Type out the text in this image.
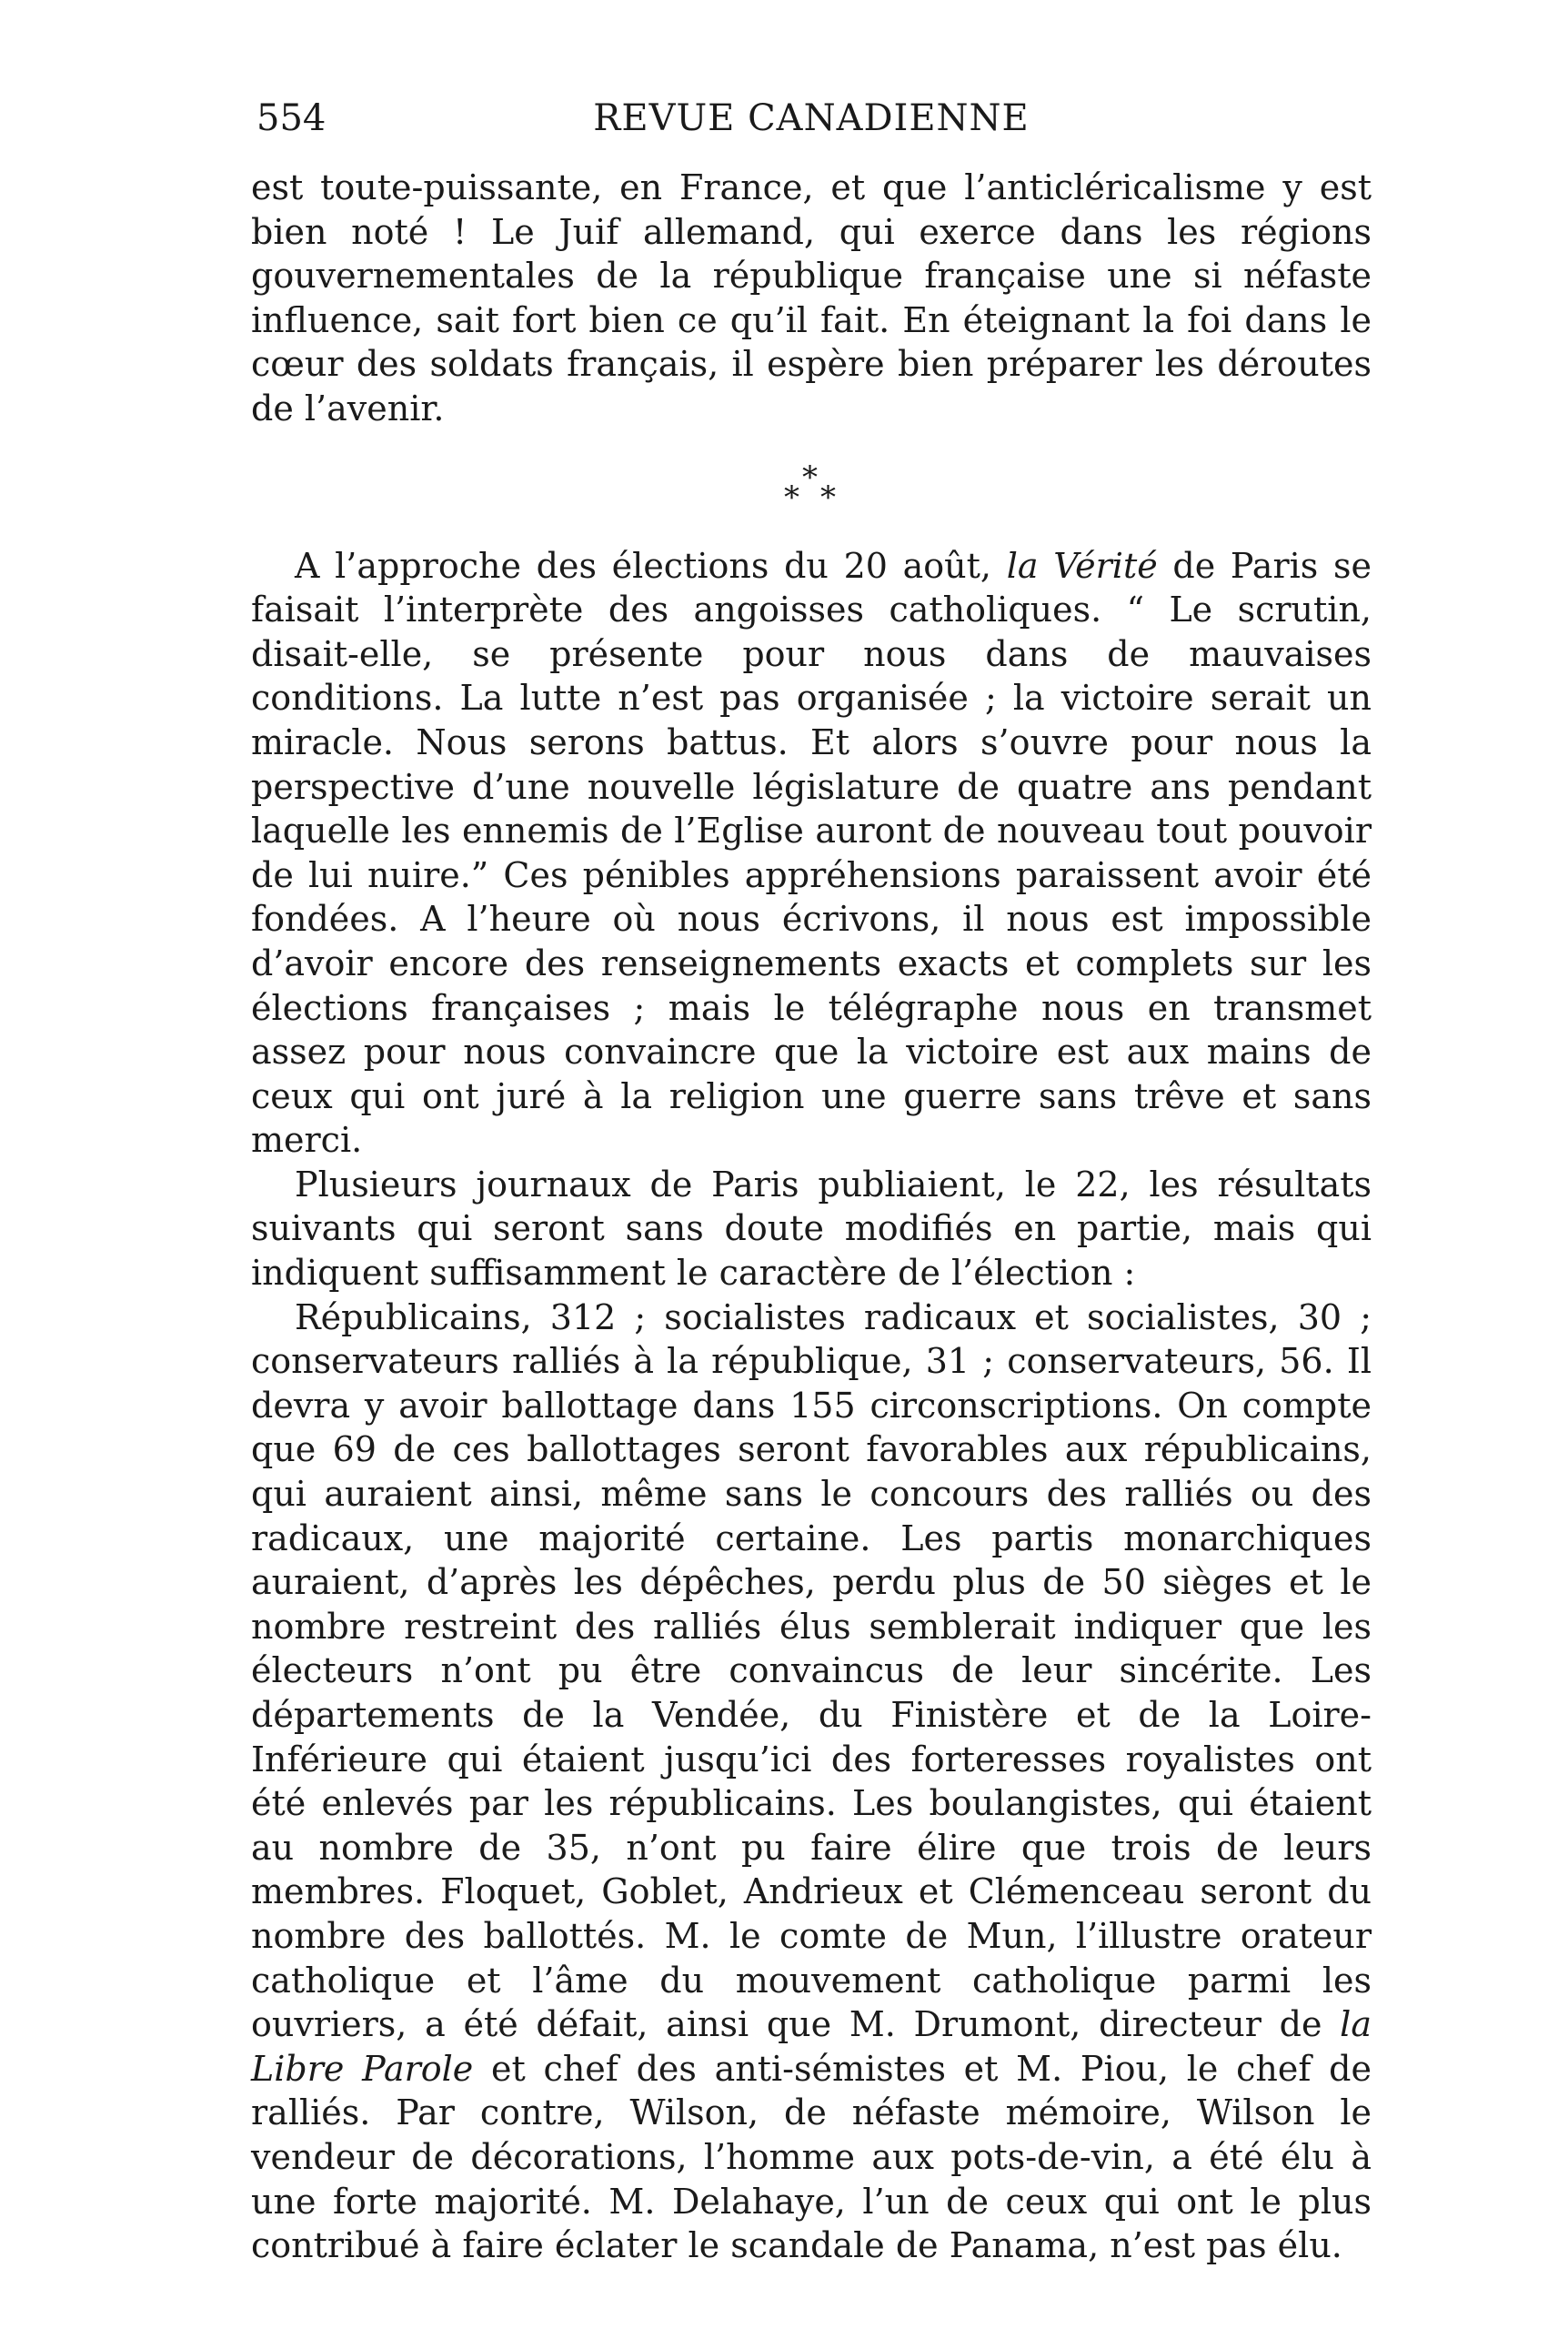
554	REVUE CANADIENNE

est toute-puissante, en France, et que l’anticléricalisme y est bien noté ! Le Juif allemand, qui exerce dans les régions gouvernementales de la république française une si néfaste influence, sait fort bien ce qu’il fait. En éteignant la foi dans le cœur des soldats français, il espère bien préparer les déroutes de l’avenir.

*
* *

A l’approche des élections du 20 août, la Vérité de Paris se faisait l’interprète des angoisses catholiques. “ Le scrutin, disait-elle, se présente pour nous dans de mauvaises conditions. La lutte n’est pas organisée ; la victoire serait un miracle. Nous serons battus. Et alors s’ouvre pour nous la perspective d’une nouvelle législature de quatre ans pendant laquelle les ennemis de l’Eglise auront de nouveau tout pouvoir de lui nuire.” Ces pénibles appréhensions paraissent avoir été fondées. A l’heure où nous écrivons, il nous est impossible d’avoir encore des renseignements exacts et complets sur les élections françaises ; mais le télégraphe nous en transmet assez pour nous convaincre que la victoire est aux mains de ceux qui ont juré à la religion une guerre sans trêve et sans merci.

Plusieurs journaux de Paris publiaient, le 22, les résultats suivants qui seront sans doute modifiés en partie, mais qui indiquent suffisamment le caractère de l’élection :

Républicains, 312 ; socialistes radicaux et socialistes, 30 ; conservateurs ralliés à la république, 31 ; conservateurs, 56. Il devra y avoir ballottage dans 155 circonscriptions. On compte que 69 de ces ballottages seront favorables aux républicains, qui auraient ainsi, même sans le concours des ralliés ou des radicaux, une majorité certaine. Les partis monarchiques auraient, d’après les dépêches, perdu plus de 50 sièges et le nombre restreint des ralliés élus semblerait indiquer que les électeurs n’ont pu être convaincus de leur sincérite. Les départements de la Vendée, du Finistère et de la Loire-Inférieure qui étaient jusqu’ici des forteresses royalistes ont été enlevés par les républicains. Les boulangistes, qui étaient au nombre de 35, n’ont pu faire élire que trois de leurs membres. Floquet, Goblet, Andrieux et Clémenceau seront du nombre des ballottés. M. le comte de Mun, l’illustre orateur catholique et l’âme du mouvement catholique parmi les ouvriers, a été défait, ainsi que M. Drumont, directeur de la Libre Parole et chef des anti-sémistes et M. Piou, le chef de ralliés. Par contre, Wilson, de néfaste mémoire, Wilson le vendeur de décorations, l’homme aux pots-de-vin, a été élu à une forte majorité. M. Delahaye, l’un de ceux qui ont le plus contribué à faire éclater le scandale de Panama, n’est pas élu.
